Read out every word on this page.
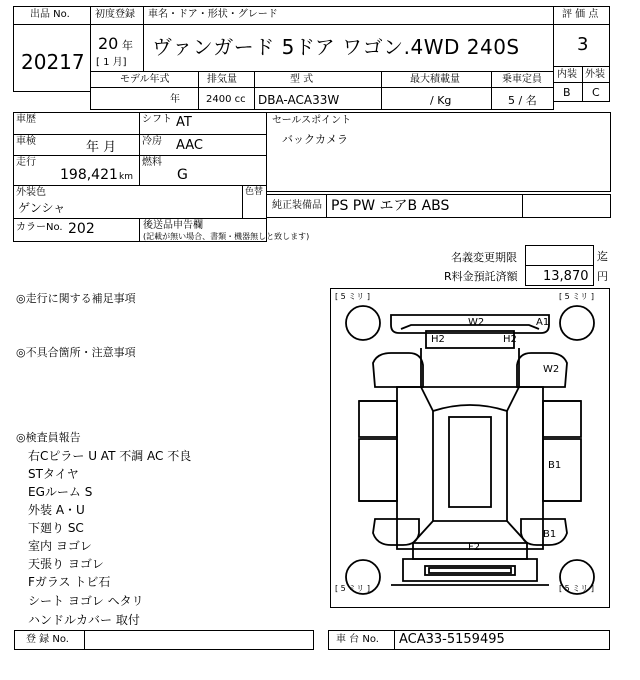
出品 No.
20217
初度登録 車名・ドア・形状・グレード
20 年
[ 1 月]
ヴァンガード 5ドア ワゴン.4WD 240S
評 価 点
3
内装 外装
B C
モデル年式	排気量	型 式	最大積載量	乗車定員
年	2400 cc DBA-ACA33W	/ Kg	5 / 名
車歴	シフト AT
車検	年 月	冷房 AAC
走行
198,421 km
燃料
G
外装色
ゲンシャ
色替
カラーNo. 202	後送品申告欄
(記載が無い場合、書類・機器無しと致します)
セールスポイント
バックカメラ
純正装備品 PS PW エアB ABS
名義変更期限	迄
R料金預託済額 13,870 円
◎走行に関する補足事項
◎不具合箇所・注意事項
◎検査員報告
右Cピラー U AT 不調 AC 不良
STタイヤ
EGルーム S
外装 A・U
下廻り SC
室内 ヨゴレ
天張り ヨゴレ
Fガラス トビ石
シート ヨゴレ ヘタリ
ハンドルカバー 取付
[ 5 ミリ ]	[ 5 ミリ ]
[ 5 ミリ ]	[ 5 ミリ ]
W2	A1
H2	H2
W2
B1
B1
F2
登 録 No.	車 台 No. ACA33-5159495
